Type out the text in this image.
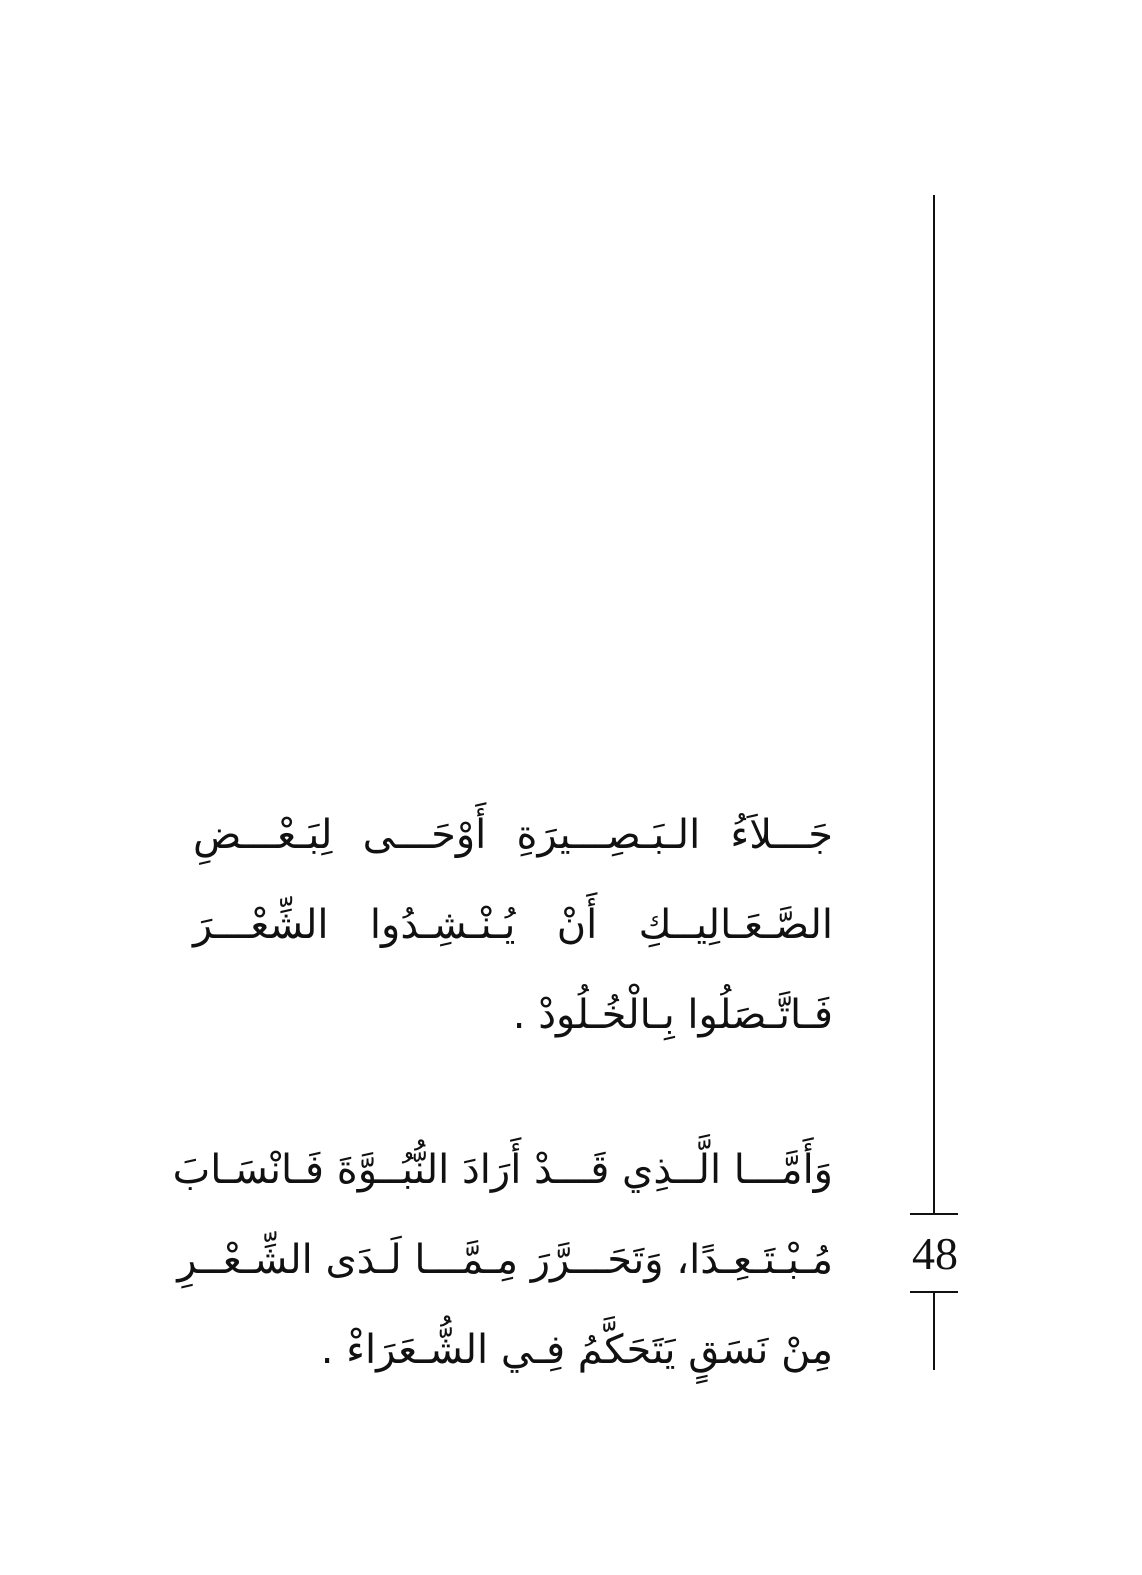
جَـــلاَءُ الـبَـصِـــيرَةِ أَوْحَـــى لِبَـعْـــضِ
الصَّـعَـالِيــكِ أَنْ يُـنْـشِـدُوا الشِّعْـــرَ
فَـاتَّـصَلُوا بِـالْخُـلُودْ .
وَأَمَّـــا الَّــذِي قَـــدْ أَرَادَ النُّبُــوَّةَ فَـانْسَـابَ
مُـبْـتَـعِـدًا، وَتَحَـــرَّرَ مِـمَّـــا لَـدَى الشِّـعْــرِ
مِنْ نَسَقٍ يَتَحَكَّمُ فِـي الشُّـعَرَاءْ .
48
